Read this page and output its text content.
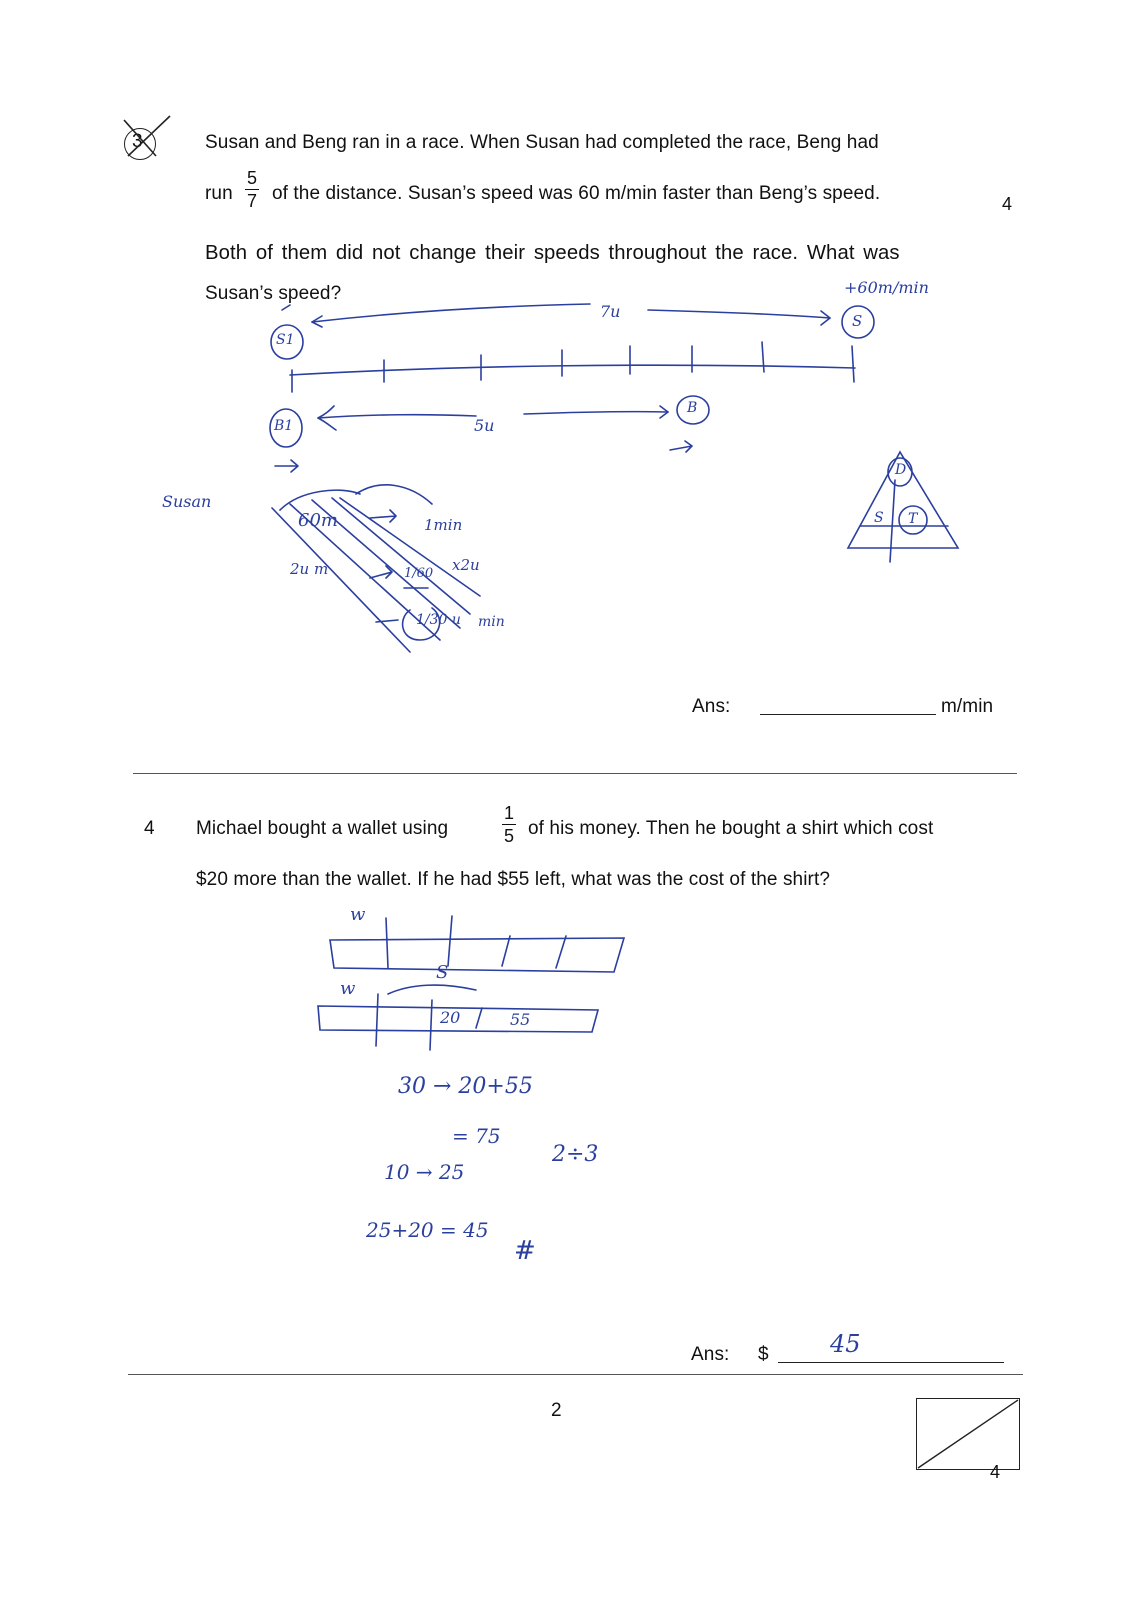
3	Susan and Beng ran in a race. When Susan had completed the race, Beng had
run
5
7 of the distance. Susan’s speed was 60 m/min faster than Beng’s speed.	4
Both of them did not change their speeds throughout the race. What was
Susan’s speed?	+60m/min
7u
S1
S
5u
B1
B
D
S T
Susan
60m	1min
2u m	1/60 x2u
1/30 u min
Ans:	m/min
4 Michael bought a wallet using
1
5 of his money. Then he bought a shirt which cost
$20 more than the wallet. If he had $55 left, what was the cost of the shirt?
w
w
S
20	55
30 → 20+55
= 75
10 → 25
2÷3
25+20 = 45
#
Ans: $	45
2
4
